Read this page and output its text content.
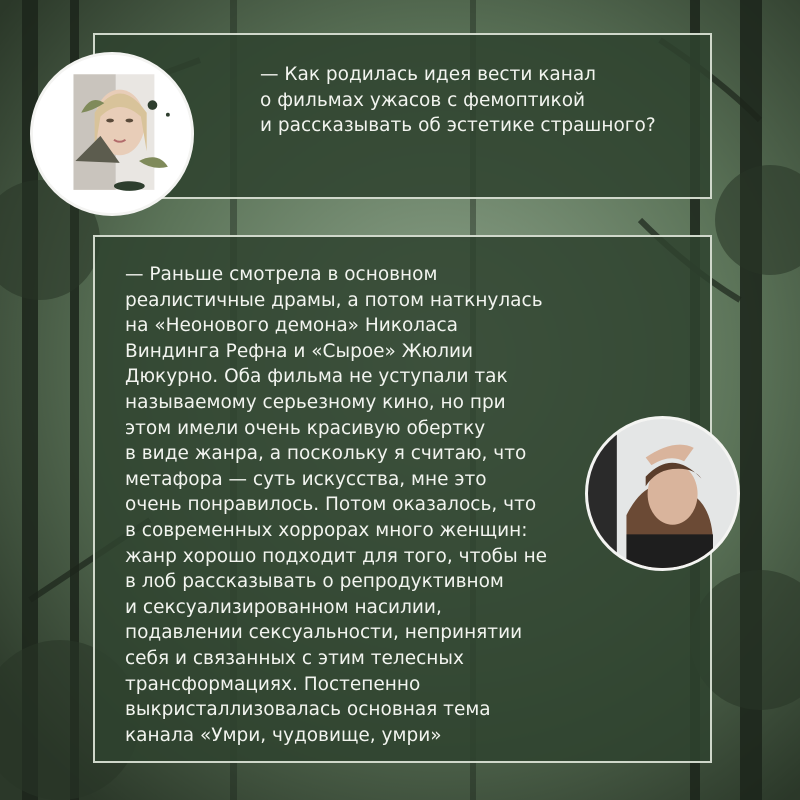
— Как родилась идея вести канал
о фильмах ужасов с фемоптикой
и рассказывать об эстетике страшного?
— Раньше смотрела в основном
реалистичные драмы, а потом наткнулась
на «Неонового демона» Николаса
Виндинга Рефна и «Сырое» Жюлии
Дюкурно. Оба фильма не уступали так
называемому серьезному кино, но при
этом имели очень красивую обертку
в виде жанра, а поскольку я считаю, что
метафора — суть искусства, мне это
очень понравилось. Потом оказалось, что
в современных хоррорах много женщин:
жанр хорошо подходит для того, чтобы не
в лоб рассказывать о репродуктивном
и сексуализированном насилии,
подавлении сексуальности, непринятии
себя и связанных с этим телесных
трансформациях. Постепенно
выкристаллизовалась основная тема
канала «Умри, чудовище, умри»
